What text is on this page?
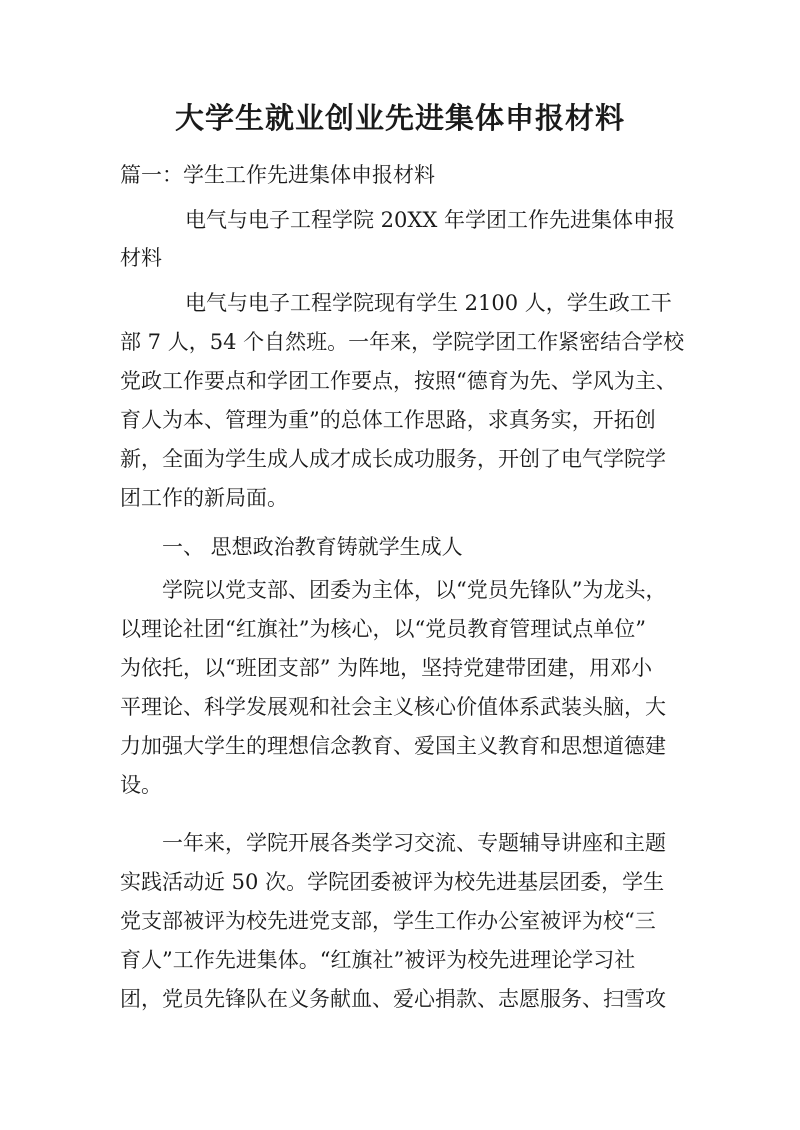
大学生就业创业先进集体申报材料
篇一：学生工作先进集体申报材料
电气与电子工程学院 20XX 年学团工作先进集体申报
材料
电气与电子工程学院现有学生 2100 人，学生政工干
部 7 人，54 个自然班。一年来，学院学团工作紧密结合学校
党政工作要点和学团工作要点，按照“德育为先、学风为主、
育人为本、管理为重”的总体工作思路，求真务实，开拓创
新，全面为学生成人成才成长成功服务，开创了电气学院学
团工作的新局面。
一、 思想政治教育铸就学生成人
学院以党支部、团委为主体，以“党员先锋队”为龙头，
以理论社团“红旗社”为核心，以“党员教育管理试点单位”
为依托，以“班团支部” 为阵地，坚持党建带团建，用邓小
平理论、科学发展观和社会主义核心价值体系武装头脑，大
力加强大学生的理想信念教育、爱国主义教育和思想道德建
设。
一年来，学院开展各类学习交流、专题辅导讲座和主题
实践活动近 50 次。学院团委被评为校先进基层团委，学生
党支部被评为校先进党支部，学生工作办公室被评为校“三
育人”工作先进集体。“红旗社”被评为校先进理论学习社
团，党员先锋队在义务献血、爱心捐款、志愿服务、扫雪攻
